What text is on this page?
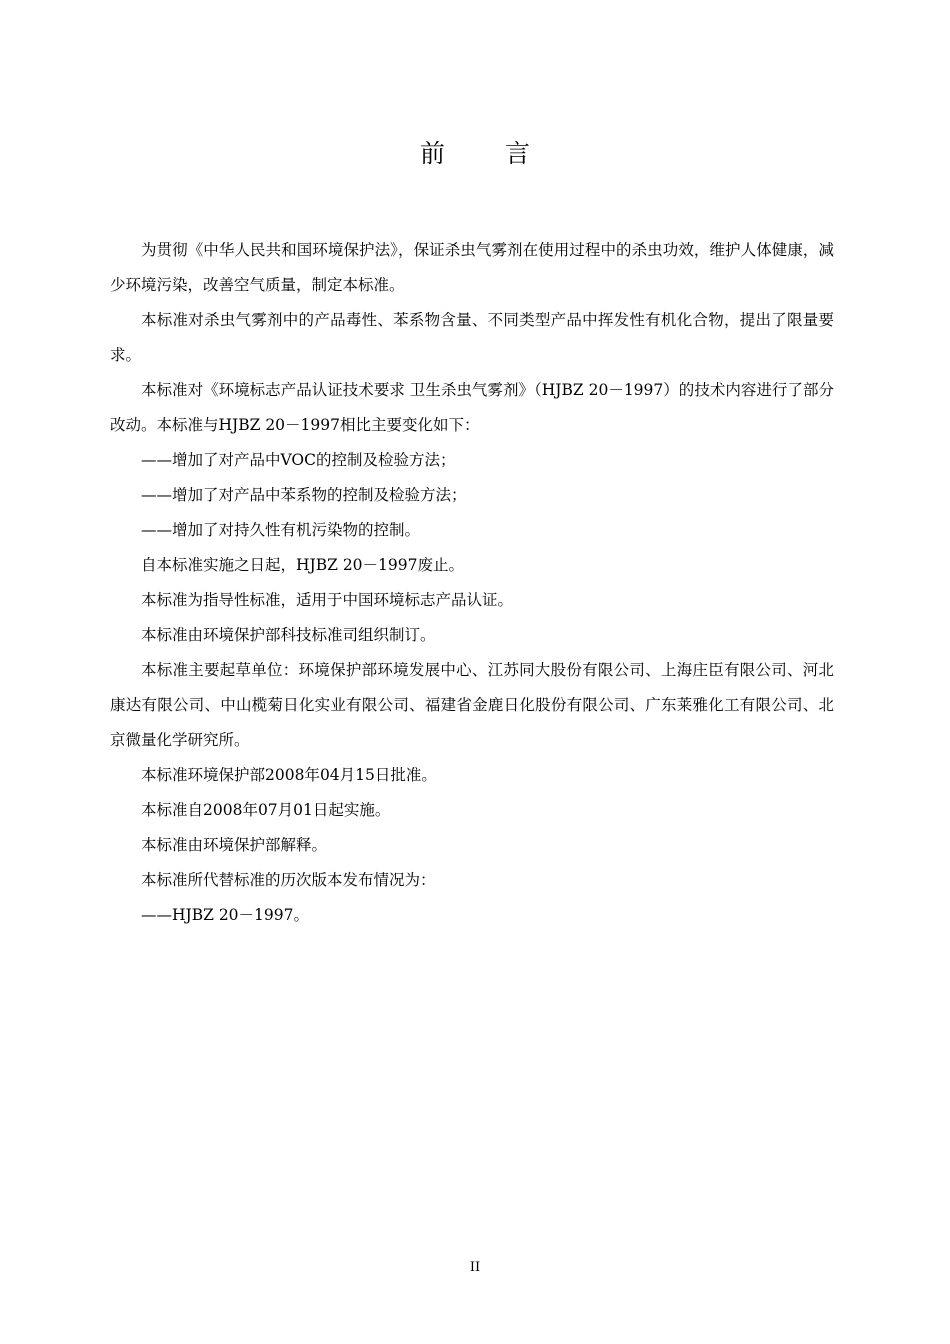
前 言

为贯彻《中华人民共和国环境保护法》，保证杀虫气雾剂在使用过程中的杀虫功效，维护人体健康，减少环境污染，改善空气质量，制定本标准。

本标准对杀虫气雾剂中的产品毒性、苯系物含量、不同类型产品中挥发性有机化合物，提出了限量要求。

本标准对《环境标志产品认证技术要求 卫生杀虫气雾剂》（HJBZ 20－1997）的技术内容进行了部分改动。本标准与HJBZ 20－1997相比主要变化如下：

——增加了对产品中VOC的控制及检验方法；

——增加了对产品中苯系物的控制及检验方法；

——增加了对持久性有机污染物的控制。

自本标准实施之日起，HJBZ 20－1997废止。

本标准为指导性标准，适用于中国环境标志产品认证。

本标准由环境保护部科技标准司组织制订。

本标准主要起草单位：环境保护部环境发展中心、江苏同大股份有限公司、上海庄臣有限公司、河北康达有限公司、中山榄菊日化实业有限公司、福建省金鹿日化股份有限公司、广东莱雅化工有限公司、北京微量化学研究所。

本标准环境保护部2008年04月15日批准。

本标准自2008年07月01日起实施。

本标准由环境保护部解释。

本标准所代替标准的历次版本发布情况为：

——HJBZ 20－1997。

II
